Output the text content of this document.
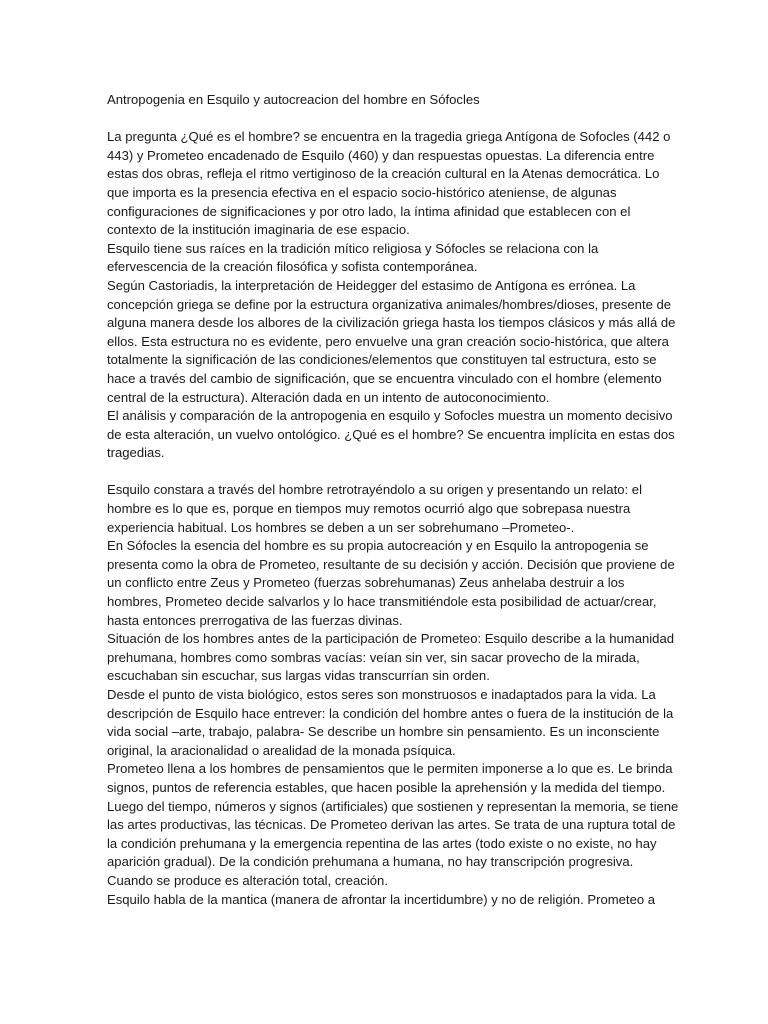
Antropogenia en Esquilo y autocreacion del hombre en Sófocles

La pregunta ¿Qué es el hombre? se encuentra en la tragedia griega Antígona de Sofocles (442 o 443) y Prometeo encadenado de Esquilo (460) y dan respuestas opuestas. La diferencia entre estas dos obras, refleja el ritmo vertiginoso de la creación cultural en la Atenas democrática. Lo que importa es la presencia efectiva en el espacio socio-histórico ateniense, de algunas configuraciones de significaciones y por otro lado, la íntima afinidad que establecen con el contexto de la institución imaginaria de ese espacio.

Esquilo tiene sus raíces en la tradición mítico religiosa y Sófocles se relaciona con la efervescencia de la creación filosófica y sofista contemporánea.

Según Castoriadis, la interpretación de Heidegger del estasimo de Antígona es errónea. La concepción griega se define por la estructura organizativa animales/hombres/dioses, presente de alguna manera desde los albores de la civilización griega hasta los tiempos clásicos y más allá de ellos. Esta estructura no es evidente, pero envuelve una gran creación socio-histórica, que altera totalmente la significación de las condiciones/elementos que constituyen tal estructura, esto se hace a través del cambio de significación, que se encuentra vinculado con el hombre (elemento central de la estructura). Alteración dada en un intento de autoconocimiento.

El análisis y comparación de la antropogenia en esquilo y Sofocles muestra un momento decisivo de esta alteración, un vuelvo ontológico. ¿Qué es el hombre? Se encuentra implícita en estas dos tragedias.

Esquilo constara a través del hombre retrotrayéndolo a su origen y presentando un relato: el hombre es lo que es, porque en tiempos muy remotos ocurrió algo que sobrepasa nuestra experiencia habitual. Los hombres se deben a un ser sobrehumano –Prometeo-.

En Sófocles la esencia del hombre es su propia autocreación y en Esquilo la antropogenia se presenta como la obra de Prometeo, resultante de su decisión y acción. Decisión que proviene de un conflicto entre Zeus y Prometeo (fuerzas sobrehumanas) Zeus anhelaba destruir a los hombres, Prometeo decide salvarlos y lo hace transmitiéndole esta posibilidad de actuar/crear, hasta entonces prerrogativa de las fuerzas divinas.

Situación de los hombres antes de la participación de Prometeo: Esquilo describe a la humanidad prehumana, hombres como sombras vacías: veían sin ver, sin sacar provecho de la mirada, escuchaban sin escuchar, sus largas vidas transcurrían sin orden.

Desde el punto de vista biológico, estos seres son monstruosos e inadaptados para la vida. La descripción de Esquilo hace entrever: la condición del hombre antes o fuera de la institución de la vida social –arte, trabajo, palabra- Se describe un hombre sin pensamiento. Es un inconsciente original, la aracionalidad o arealidad de la monada psíquica.

Prometeo llena a los hombres de pensamientos que le permiten imponerse a lo que es. Le brinda signos, puntos de referencia estables, que hacen posible la aprehensión y la medida del tiempo. Luego del tiempo, números y signos (artificiales) que sostienen y representan la memoria, se tiene las artes productivas, las técnicas. De Prometeo derivan las artes. Se trata de una ruptura total de la condición prehumana y la emergencia repentina de las artes (todo existe o no existe, no hay aparición gradual). De la condición prehumana a humana, no hay transcripción progresiva. Cuando se produce es alteración total, creación.

Esquilo habla de la mantica (manera de afrontar la incertidumbre) y no de religión. Prometeo a
